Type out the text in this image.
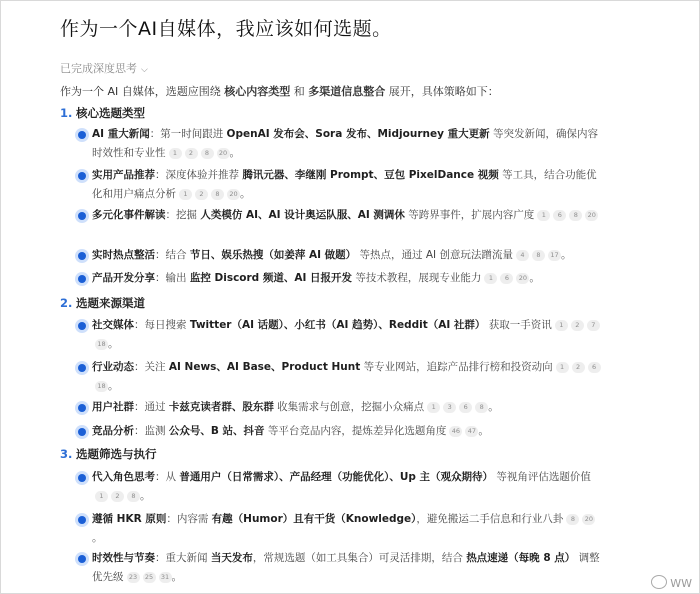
作为一个AI自媒体，我应该如何选题。
已完成深度思考 ⌵
作为一个 AI 自媒体，选题应围绕 核心内容类型 和 多渠道信息整合 展开，具体策略如下：
1. 核心选题类型
2. 选题来源渠道
3. 选题筛选与执行
AI 重大新闻：第一时间跟进 OpenAI 发布会、Sora 发布、Midjourney 重大更新 等突发新闻，确保内容时效性和专业性 1 2 8 20 。
实用产品推荐：深度体验并推荐 腾讯元器、李继刚 Prompt、豆包 PixelDance 视频 等工具，结合功能优化和用户痛点分析 1 2 8 20 。
多元化事件解读：挖掘 人类模仿 AI、AI 设计奥运队服、AI 测调休 等跨界事件，扩展内容广度 1 6 8 20
实时热点整活：结合 节日、娱乐热搜（如姜萍 AI 做题） 等热点，通过 AI 创意玩法蹭流量 4 8 17 。
产品开发分享：输出 监控 Discord 频道、AI 日报开发 等技术教程，展现专业能力 1 6 20 。
社交媒体：每日搜索 Twitter（AI 话题）、小红书（AI 趋势）、Reddit（AI 社群） 获取一手资讯 1 2 718 。
行业动态：关注 AI News、AI Base、Product Hunt 等专业网站，追踪产品排行榜和投资动向 1 2 618 。
用户社群：通过 卡兹克读者群、股东群 收集需求与创意，挖掘小众痛点 1 3 6 8 。
竞品分析：监测 公众号、B 站、抖音 等平台竞品内容，提炼差异化选题角度 46 47 。
代入角色思考：从 普通用户（日常需求）、产品经理（功能优化）、Up 主（观众期待） 等视角评估选题价值1 2 8 。
遵循 HKR 原则：内容需 有趣（Humor）且有干货（Knowledge），避免搬运二手信息和行业八卦 8 20。
时效性与节奏：重大新闻 当天发布，常规选题（如工具集合）可灵活排期，结合 热点速递（每晚 8 点） 调整优先级 23 25 31 。	WW
